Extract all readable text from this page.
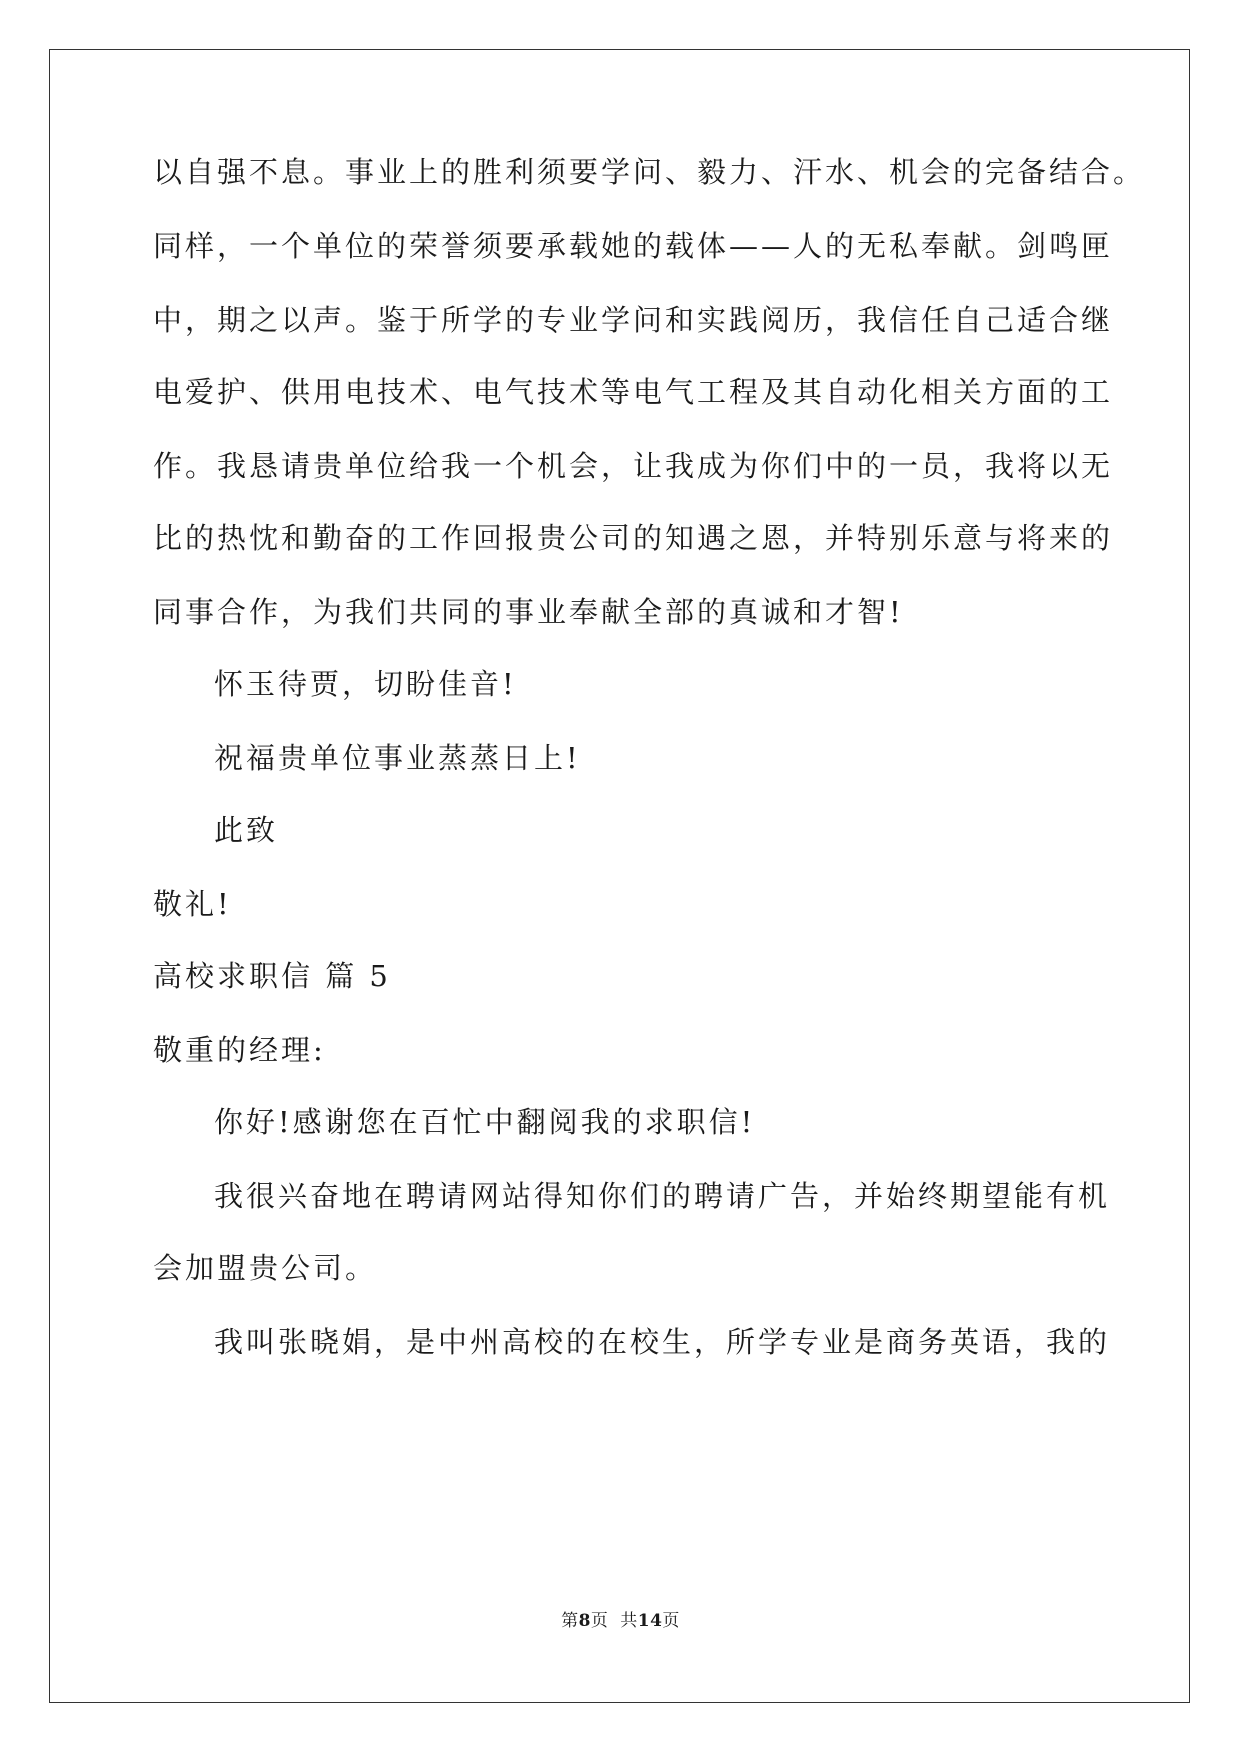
以自强不息。事业上的胜利须要学问、毅力、汗水、机会的完备结合。
同样，一个单位的荣誉须要承载她的载体——人的无私奉献。剑鸣匣
中，期之以声。鉴于所学的专业学问和实践阅历，我信任自己适合继
电爱护、供用电技术、电气技术等电气工程及其自动化相关方面的工
作。我恳请贵单位给我一个机会，让我成为你们中的一员，我将以无
比的热忱和勤奋的工作回报贵公司的知遇之恩，并特别乐意与将来的
同事合作，为我们共同的事业奉献全部的真诚和才智!
怀玉待贾，切盼佳音!
祝福贵单位事业蒸蒸日上!
此致
敬礼!
高校求职信 篇 5
敬重的经理:
你好!感谢您在百忙中翻阅我的求职信!
我很兴奋地在聘请网站得知你们的聘请广告，并始终期望能有机
会加盟贵公司。
我叫张晓娟，是中州高校的在校生，所学专业是商务英语，我的
第8页  共14页
